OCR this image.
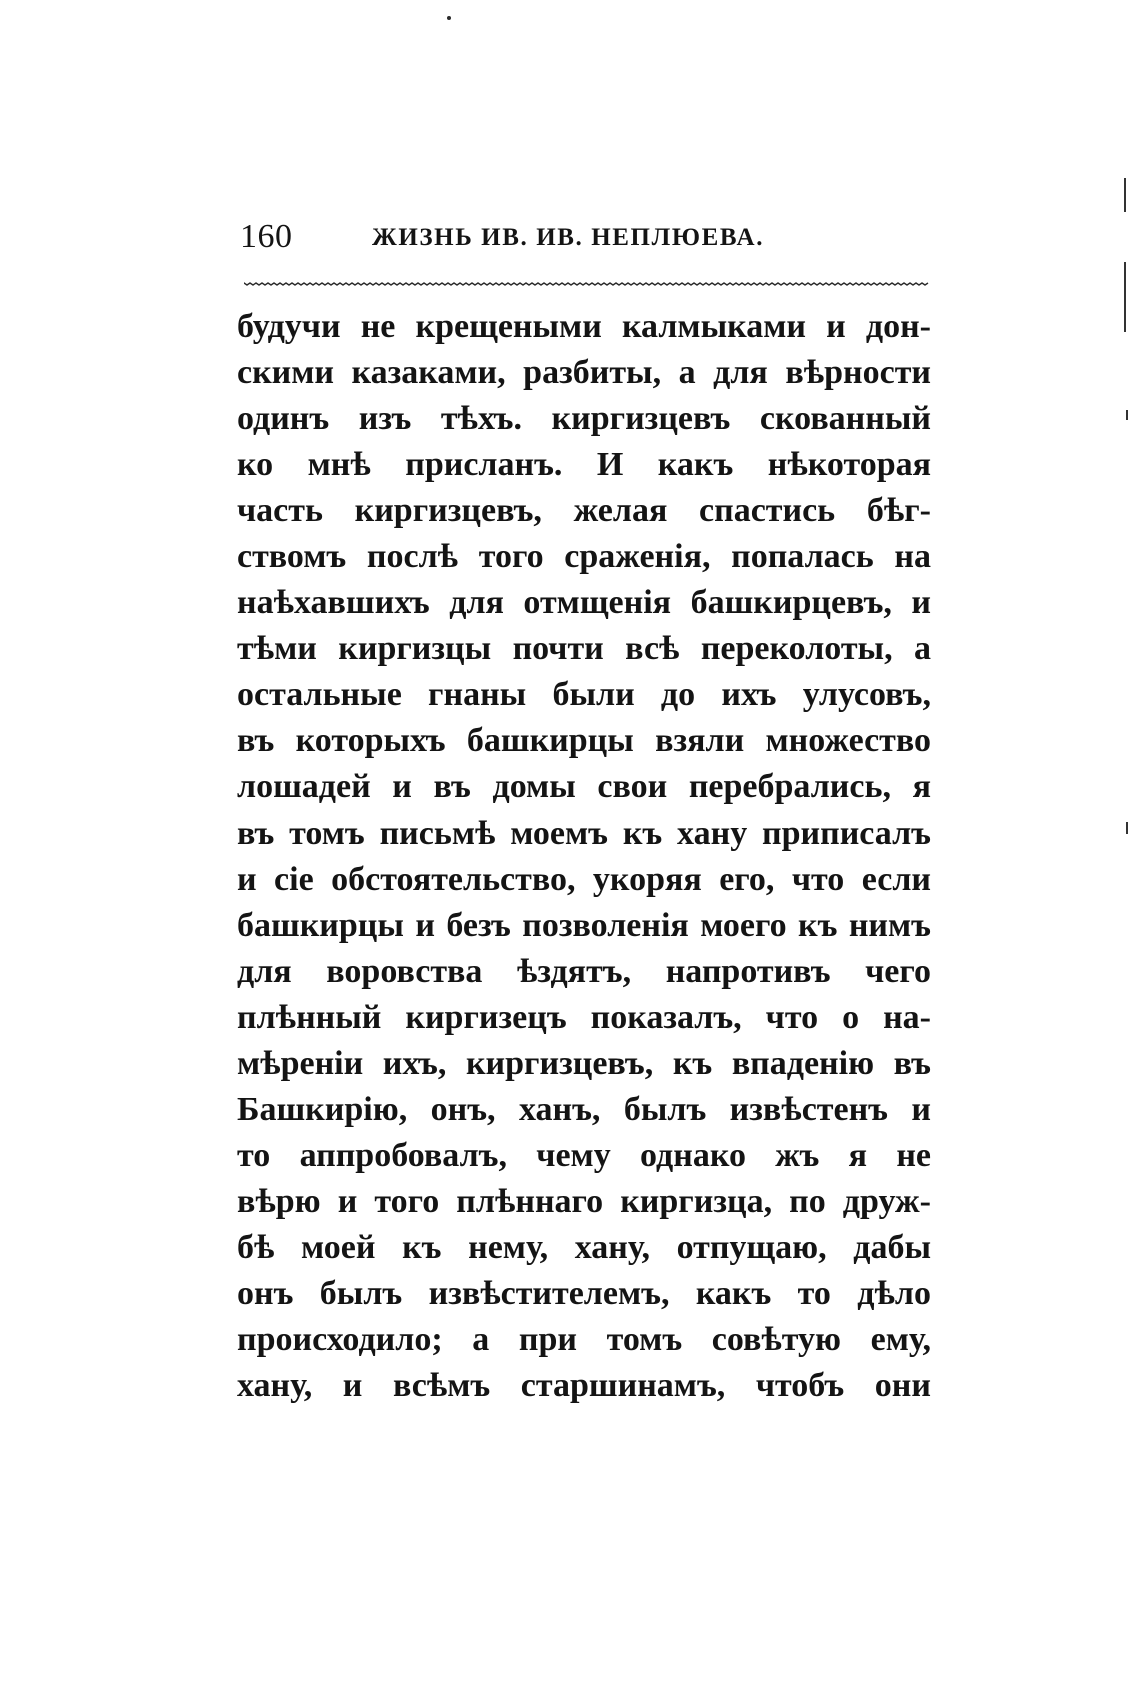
160	ЖИЗНЬ ИВ. ИВ. НЕПЛЮЕВА.
будучи не крещеными калмыками и дон-
скими казаками, разбиты, а для вѣрности
одинъ изъ тѣхъ. киргизцевъ скованный
ко мнѣ присланъ. И какъ нѣкоторая
часть киргизцевъ, желая спастись бѣг-
ствомъ послѣ того сраженія, попалась на
наѣхавшихъ для отмщенія башкирцевъ, и
тѣми киргизцы почти всѣ переколоты, а
остальные гнаны были до ихъ улусовъ,
въ которыхъ башкирцы взяли множество
лошадей и въ домы свои перебрались, я
въ томъ письмѣ моемъ къ хану приписалъ
и сіе обстоятельство, укоряя его, что если
башкирцы и безъ позволенія моего къ нимъ
для воровства ѣздятъ, напротивъ чего
плѣнный киргизецъ показалъ, что о на-
мѣреніи ихъ, киргизцевъ, къ впаденію въ
Башкирію, онъ, ханъ, былъ извѣстенъ и
то аппробовалъ, чему однако жъ я не
вѣрю и того плѣннаго киргизца, по друж-
бѣ моей къ нему, хану, отпущаю, дабы
онъ былъ извѣстителемъ, какъ то дѣло
происходило; а при томъ совѣтую ему,
хану, и всѣмъ старшинамъ, чтобъ они
